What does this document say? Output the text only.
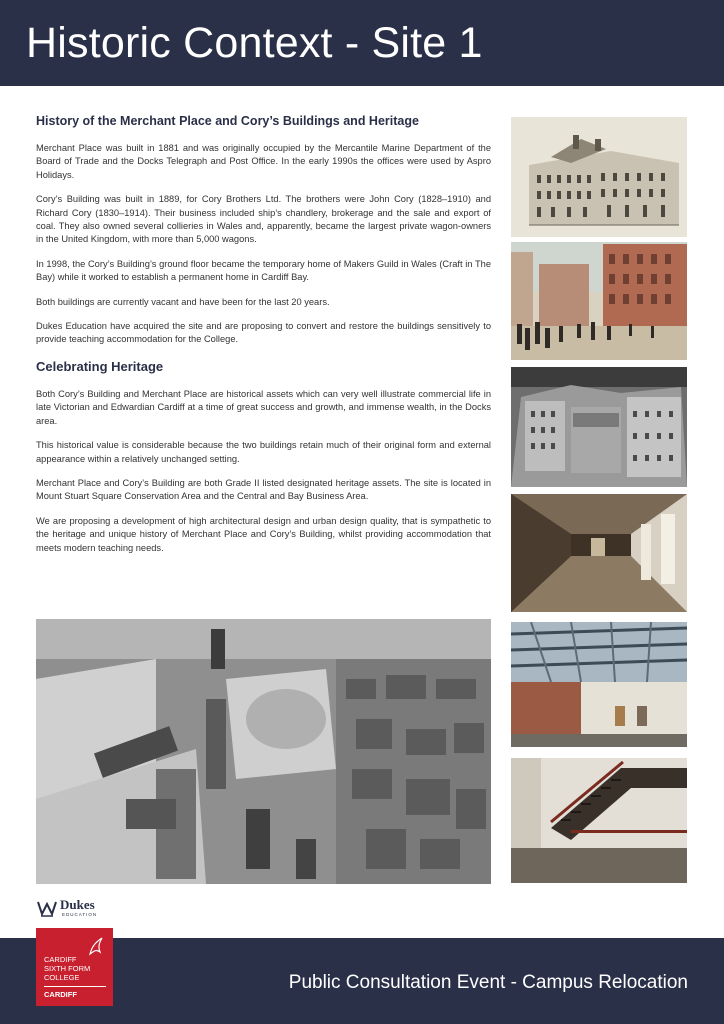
Historic Context - Site 1
History of the Merchant Place and Cory’s Buildings and Heritage

Merchant Place was built in 1881 and was originally occupied by the Mercantile Marine Department of the Board of Trade and the Docks Telegraph and Post Office. In the early 1990s the offices were used by Aspro Holidays.

Cory’s Building was built in 1889, for Cory Brothers Ltd. The brothers were John Cory (1828–1910) and Richard Cory (1830–1914). Their business included ship’s chandlery, brokerage and the sale and export of coal. They also owned several collieries in Wales and, apparently, became the largest private wagon-owners in the United Kingdom, with more than 5,000 wagons.

In 1998, the Cory’s Building’s ground floor became the temporary home of Makers Guild in Wales (Craft in The Bay) while it worked to establish a permanent home in Cardiff Bay.

Both buildings are currently vacant and have been for the last 20 years.

Dukes Education have acquired the site and are proposing to convert and restore the buildings sensitively to provide teaching accommodation for the College.

Celebrating Heritage

Both Cory’s Building and Merchant Place are historical assets which can very well illustrate commercial life in late Victorian and Edwardian Cardiff at a time of great success and growth, and immense wealth, in the Docks area.

This historical value is considerable because the two buildings retain much of their original form and external appearance within a relatively unchanged setting.

Merchant Place and Cory’s Building are both Grade II listed designated heritage assets. The site is located in Mount Stuart Square Conservation Area and the Central and Bay Business Area.

We are proposing a development of high architectural design and urban design quality, that is sympathetic to the heritage and unique history of Merchant Place and Cory’s Building, whilst providing accommodation that meets modern teaching needs.

Dukes
EDUCATION
Public Consultation Event - Campus Relocation
CARDIFF
SIXTH FORM
COLLEGE
CARDIFF
